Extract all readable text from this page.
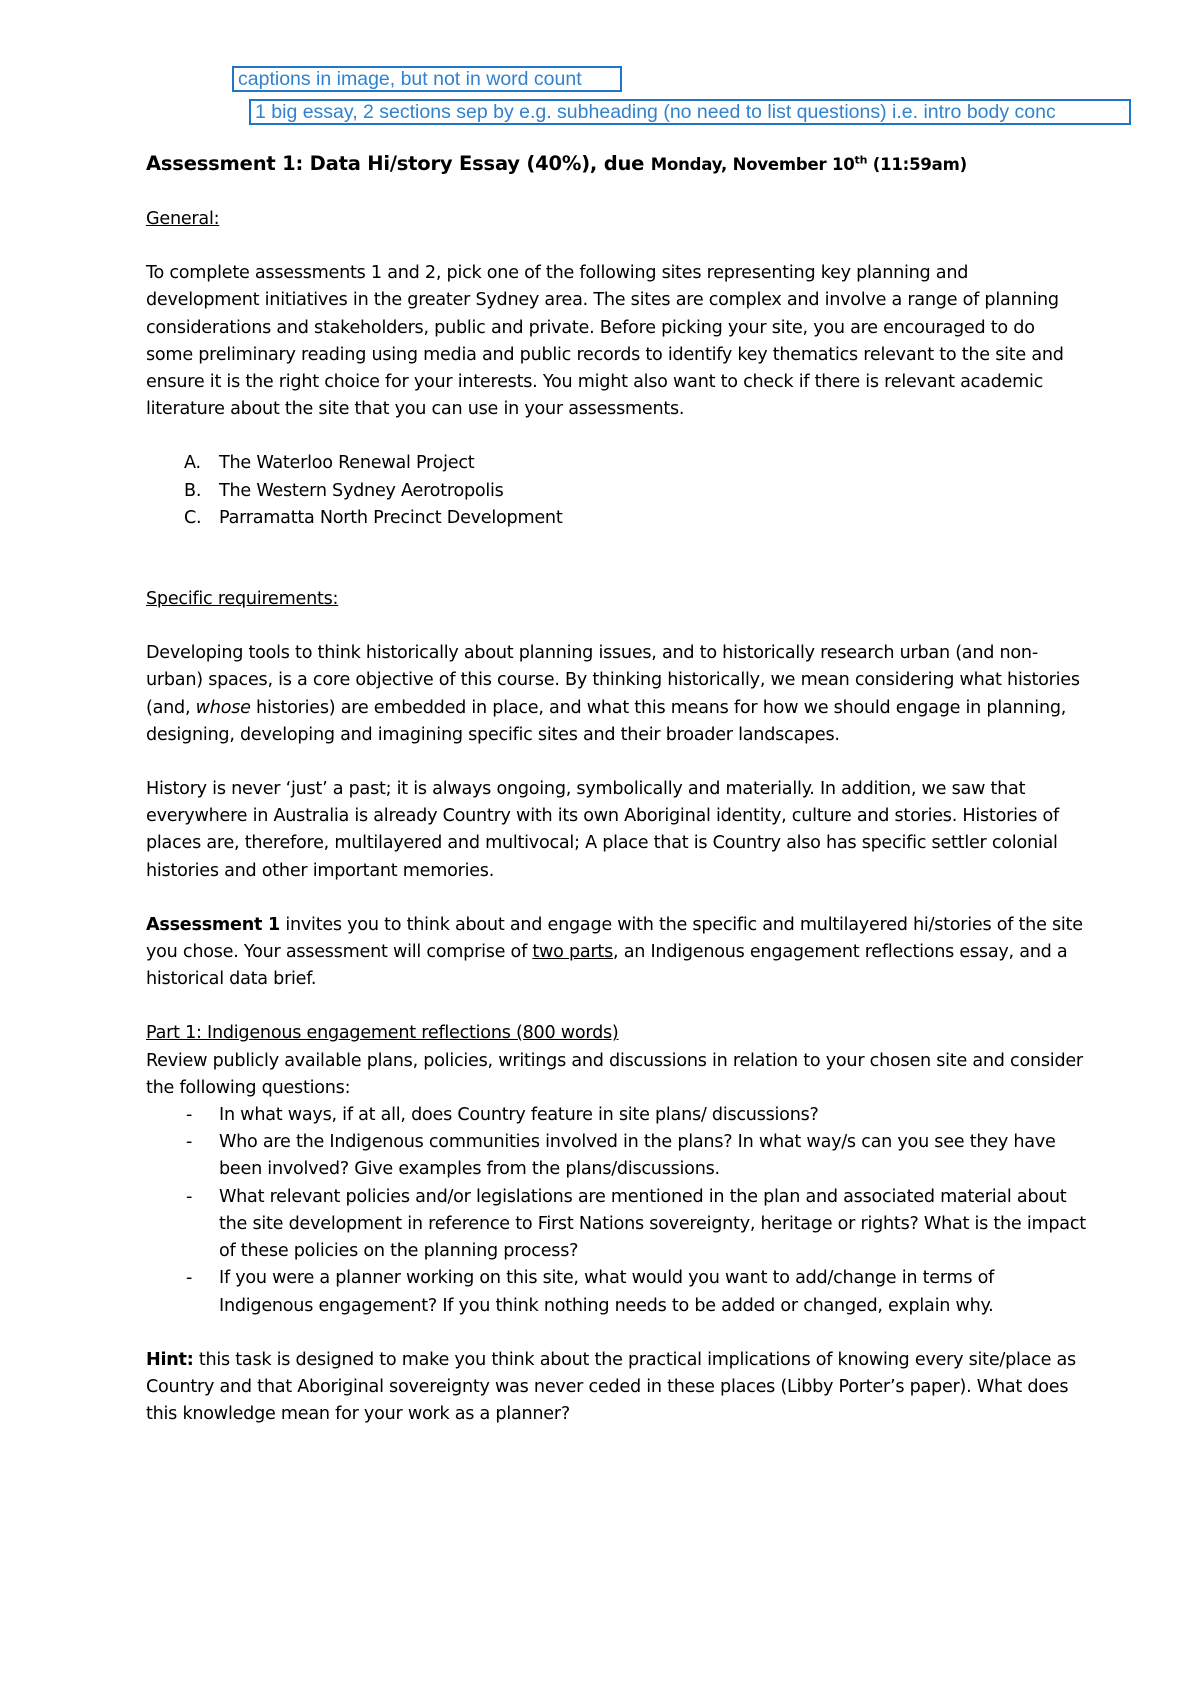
captions in image, but not in word count
1 big essay, 2 sections sep by e.g. subheading (no need to list questions) i.e. intro body conc

Assessment 1: Data Hi/story Essay (40%), due Monday, November 10th (11:59am)

General:

To complete assessments 1 and 2, pick one of the following sites representing key planning and development initiatives in the greater Sydney area. The sites are complex and involve a range of planning considerations and stakeholders, public and private. Before picking your site, you are encouraged to do some preliminary reading using media and public records to identify key thematics relevant to the site and ensure it is the right choice for your interests. You might also want to check if there is relevant academic literature about the site that you can use in your assessments.

A. The Waterloo Renewal Project
B. The Western Sydney Aerotropolis
C. Parramatta North Precinct Development

Specific requirements:

Developing tools to think historically about planning issues, and to historically research urban (and non-urban) spaces, is a core objective of this course. By thinking historically, we mean considering what histories (and, whose histories) are embedded in place, and what this means for how we should engage in planning, designing, developing and imagining specific sites and their broader landscapes.

History is never ‘just’ a past; it is always ongoing, symbolically and materially. In addition, we saw that everywhere in Australia is already Country with its own Aboriginal identity, culture and stories. Histories of places are, therefore, multilayered and multivocal; A place that is Country also has specific settler colonial histories and other important memories.

Assessment 1 invites you to think about and engage with the specific and multilayered hi/stories of the site you chose. Your assessment will comprise of two parts, an Indigenous engagement reflections essay, and a historical data brief.

Part 1: Indigenous engagement reflections (800 words)

Review publicly available plans, policies, writings and discussions in relation to your chosen site and consider the following questions:

- In what ways, if at all, does Country feature in site plans/ discussions?
- Who are the Indigenous communities involved in the plans? In what way/s can you see they have been involved? Give examples from the plans/discussions.
- What relevant policies and/or legislations are mentioned in the plan and associated material about the site development in reference to First Nations sovereignty, heritage or rights? What is the impact of these policies on the planning process?
- If you were a planner working on this site, what would you want to add/change in terms of Indigenous engagement? If you think nothing needs to be added or changed, explain why.

Hint: this task is designed to make you think about the practical implications of knowing every site/place as Country and that Aboriginal sovereignty was never ceded in these places (Libby Porter’s paper). What does this knowledge mean for your work as a planner?
